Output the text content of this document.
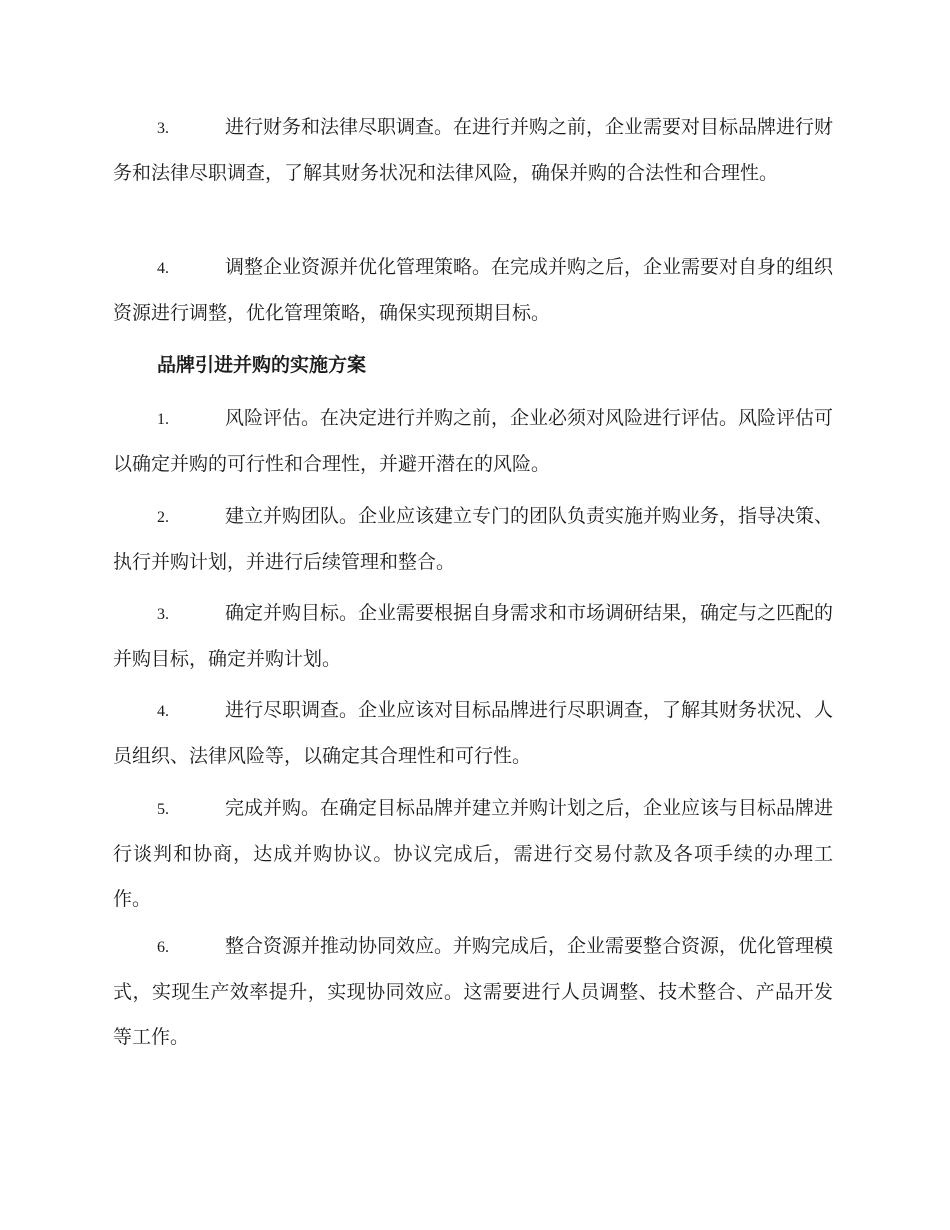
3.	进行财务和法律尽职调查。在进行并购之前，企业需要对目标品牌进行财务和法律尽职调查，了解其财务状况和法律风险，确保并购的合法性和合理性。

4.	调整企业资源并优化管理策略。在完成并购之后，企业需要对自身的组织资源进行调整，优化管理策略，确保实现预期目标。

品牌引进并购的实施方案

1.	风险评估。在决定进行并购之前，企业必须对风险进行评估。风险评估可以确定并购的可行性和合理性，并避开潜在的风险。

2.	建立并购团队。企业应该建立专门的团队负责实施并购业务，指导决策、执行并购计划，并进行后续管理和整合。

3.	确定并购目标。企业需要根据自身需求和市场调研结果，确定与之匹配的并购目标，确定并购计划。

4.	进行尽职调查。企业应该对目标品牌进行尽职调查，了解其财务状况、人员组织、法律风险等，以确定其合理性和可行性。

5.	完成并购。在确定目标品牌并建立并购计划之后，企业应该与目标品牌进行谈判和协商，达成并购协议。协议完成后，需进行交易付款及各项手续的办理工作。

6.	整合资源并推动协同效应。并购完成后，企业需要整合资源，优化管理模式，实现生产效率提升，实现协同效应。这需要进行人员调整、技术整合、产品开发等工作。
